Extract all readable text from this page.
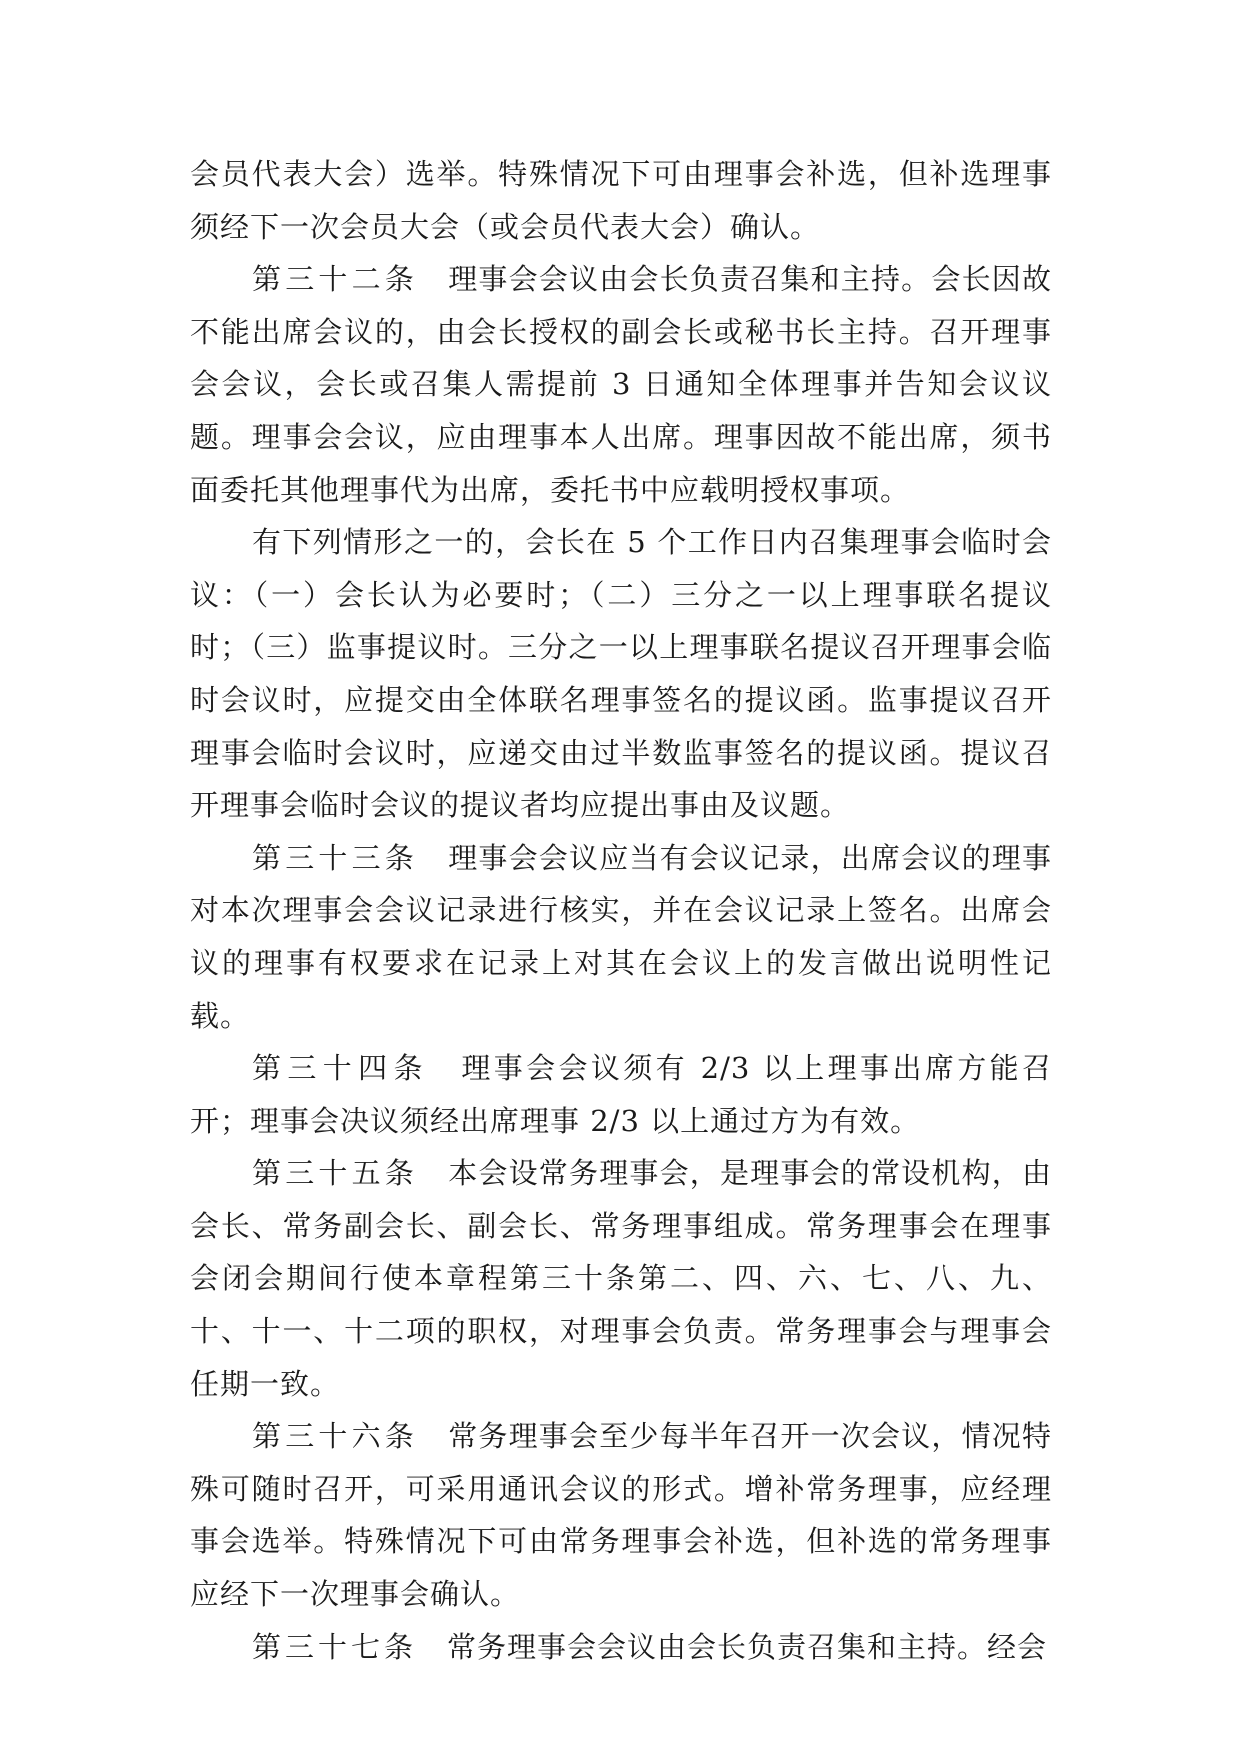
会员代表大会）选举。特殊情况下可由理事会补选，但补选理事须经下一次会员大会（或会员代表大会）确认。

第三十二条　 理事会会议由会长负责召集和主持。会长因故不能出席会议的，由会长授权的副会长或秘书长主持。召开理事会会议，会长或召集人需提前 3 日通知全体理事并告知会议议题。理事会会议，应由理事本人出席。理事因故不能出席，须书面委托其他理事代为出席，委托书中应载明授权事项。

有下列情形之一的，会长在 5 个工作日内召集理事会临时会议：（一）会长认为必要时；（二）三分之一以上理事联名提议时；（三）监事提议时。三分之一以上理事联名提议召开理事会临时会议时，应提交由全体联名理事签名的提议函。监事提议召开理事会临时会议时，应递交由过半数监事签名的提议函。提议召开理事会临时会议的提议者均应提出事由及议题。

第三十三条　 理事会会议应当有会议记录，出席会议的理事对本次理事会会议记录进行核实，并在会议记录上签名。出席会议的理事有权要求在记录上对其在会议上的发言做出说明性记载。

第三十四条　 理事会会议须有 2/3 以上理事出席方能召开；理事会决议须经出席理事 2/3 以上通过方为有效。

第三十五条　 本会设常务理事会，是理事会的常设机构，由会长、常务副会长、副会长、常务理事组成。常务理事会在理事会闭会期间行使本章程第三十条第二、四、六、七、八、九、十、十一、十二项的职权，对理事会负责。常务理事会与理事会任期一致。

第三十六条　 常务理事会至少每半年召开一次会议，情况特殊可随时召开，可采用通讯会议的形式。增补常务理事，应经理事会选举。特殊情况下可由常务理事会补选，但补选的常务理事应经下一次理事会确认。

第三十七条　 常务理事会会议由会长负责召集和主持。经会
